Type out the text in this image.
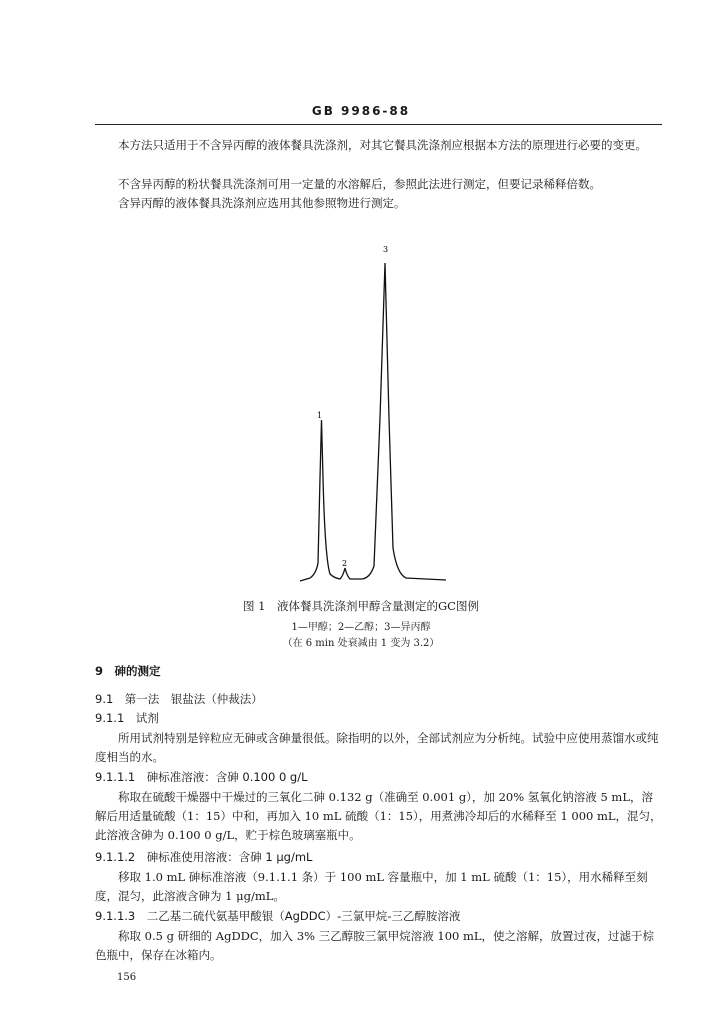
GB 9986-88
本方法只适用于不含异丙醇的液体餐具洗涤剂，对其它餐具洗涤剂应根据本方法的原理进行必要的变更。
不含异丙醇的粉状餐具洗涤剂可用一定量的水溶解后，参照此法进行测定，但要记录稀释倍数。
含异丙醇的液体餐具洗涤剂应选用其他参照物进行测定。
1
2
3
图 1　液体餐具洗涤剂甲醇含量测定的GC图例
1—甲醇；2—乙醇；3—异丙醇
（在 6 min 处衰减由 1 变为 3.2）
9　砷的测定
9.1　第一法　银盐法（仲裁法）
9.1.1　试剂
所用试剂特别是锌粒应无砷或含砷量很低。除指明的以外，全部试剂应为分析纯。试验中应使用蒸馏水或纯度相当的水。
9.1.1.1　砷标准溶液：含砷 0.100 0 g/L
称取在硫酸干燥器中干燥过的三氧化二砷 0.132 g（准确至 0.001 g），加 20% 氢氧化钠溶液 5 mL，溶解后用适量硫酸（1：15）中和，再加入 10 mL 硫酸（1：15），用煮沸冷却后的水稀释至 1 000 mL，混匀，此溶液含砷为 0.100 0 g/L，贮于棕色玻璃塞瓶中。
9.1.1.2　砷标准使用溶液：含砷 1 μg/mL
移取 1.0 mL 砷标准溶液（9.1.1.1 条）于 100 mL 容量瓶中，加 1 mL 硫酸（1：15），用水稀释至刻度，混匀，此溶液含砷为 1 μg/mL。
9.1.1.3　二乙基二硫代氨基甲酸银（AgDDC）-三氯甲烷-三乙醇胺溶液
称取 0.5 g 研细的 AgDDC，加入 3% 三乙醇胺三氯甲烷溶液 100 mL，使之溶解，放置过夜，过滤于棕色瓶中，保存在冰箱内。
156
